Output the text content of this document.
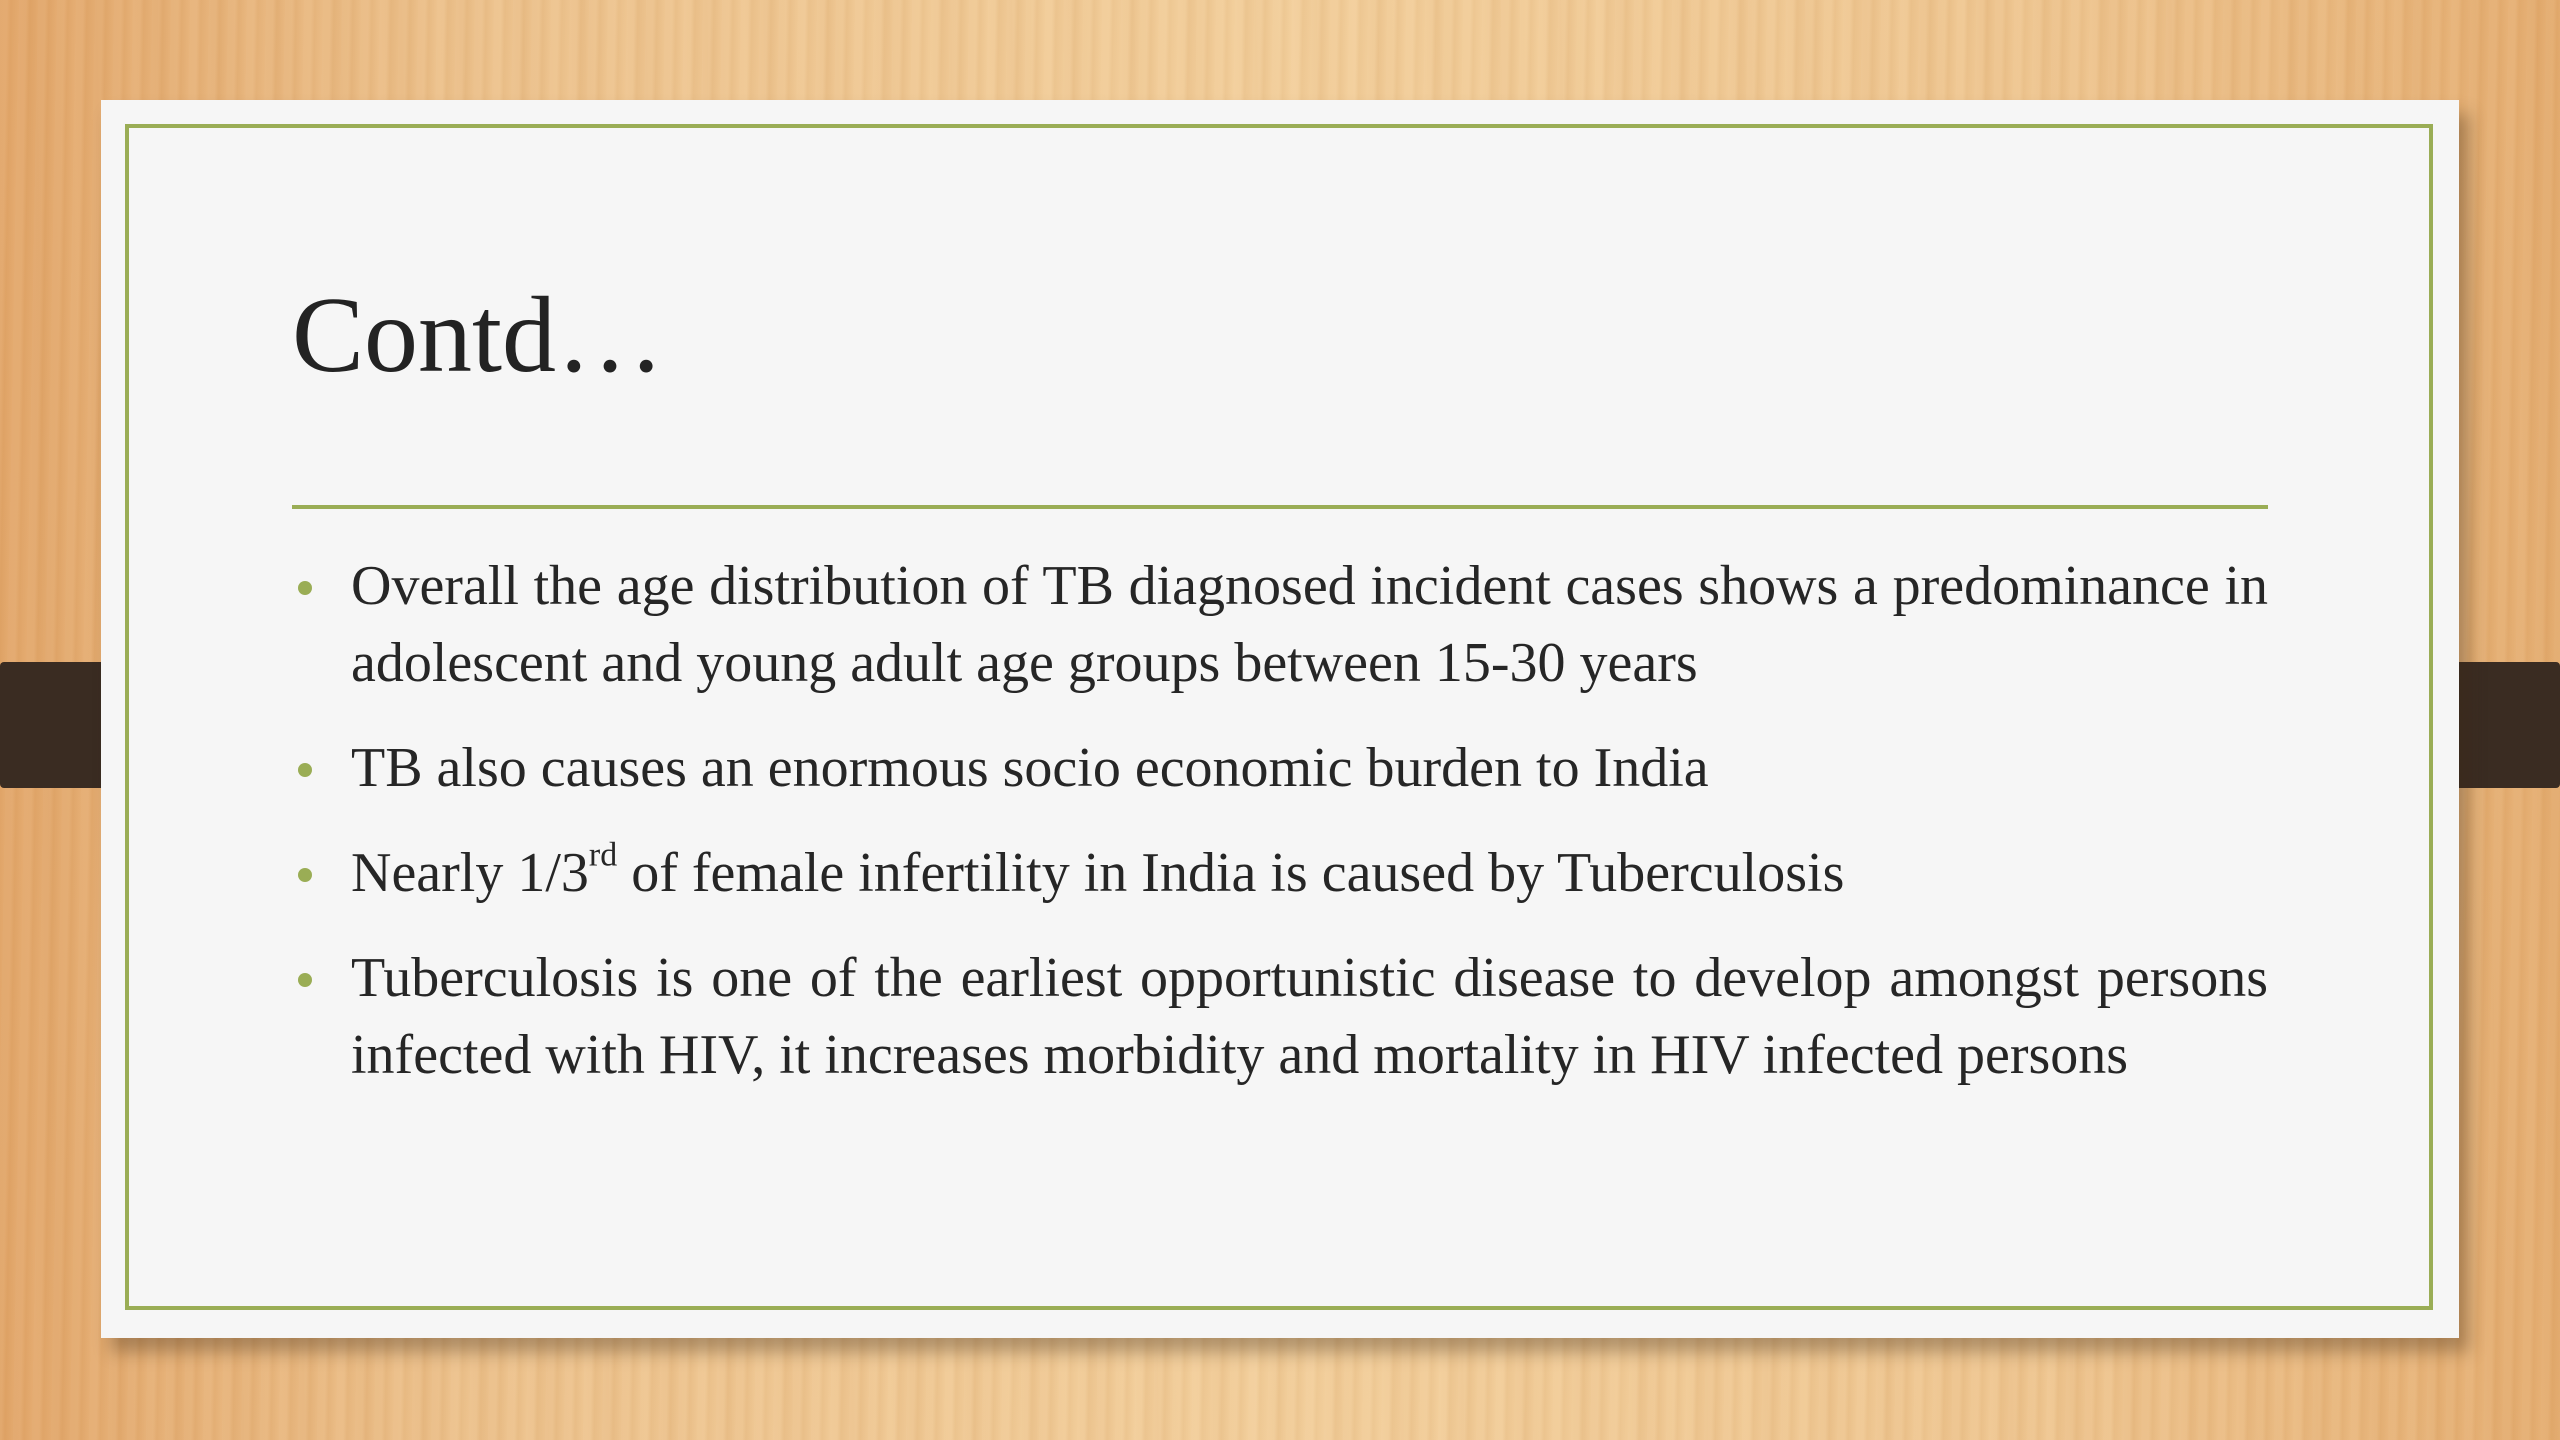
Contd…
Overall the age distribution of TB diagnosed incident cases shows a predominance in adolescent and young adult age groups between 15-30 years
TB also causes an enormous socio economic burden to India
Nearly 1/3rd of female infertility in India is caused by Tuberculosis
Tuberculosis is one of the earliest opportunistic disease to develop amongst persons infected with HIV, it increases morbidity and mortality in HIV infected persons
